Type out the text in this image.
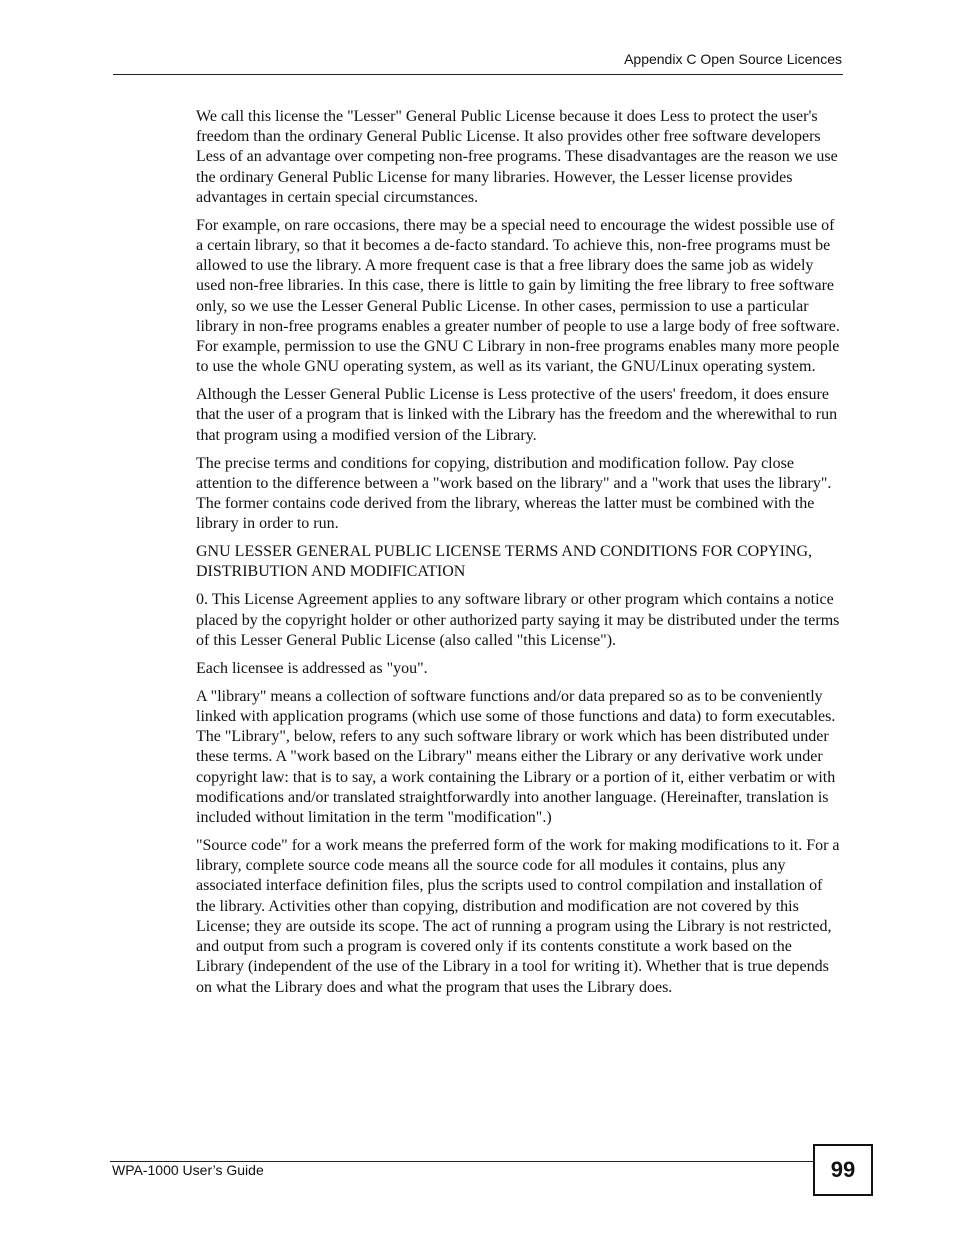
Appendix C Open Source Licences

We call this license the "Lesser" General Public License because it does Less to protect the user's freedom than the ordinary General Public License. It also provides other free software developers Less of an advantage over competing non-free programs. These disadvantages are the reason we use the ordinary General Public License for many libraries. However, the Lesser license provides advantages in certain special circumstances.

For example, on rare occasions, there may be a special need to encourage the widest possible use of a certain library, so that it becomes a de-facto standard. To achieve this, non-free programs must be allowed to use the library. A more frequent case is that a free library does the same job as widely used non-free libraries. In this case, there is little to gain by limiting the free library to free software only, so we use the Lesser General Public License. In other cases, permission to use a particular library in non-free programs enables a greater number of people to use a large body of free software. For example, permission to use the GNU C Library in non-free programs enables many more people to use the whole GNU operating system, as well as its variant, the GNU/Linux operating system.

Although the Lesser General Public License is Less protective of the users' freedom, it does ensure that the user of a program that is linked with the Library has the freedom and the wherewithal to run that program using a modified version of the Library.

The precise terms and conditions for copying, distribution and modification follow. Pay close attention to the difference between a "work based on the library" and a "work that uses the library". The former contains code derived from the library, whereas the latter must be combined with the library in order to run.

GNU LESSER GENERAL PUBLIC LICENSE TERMS AND CONDITIONS FOR COPYING, DISTRIBUTION AND MODIFICATION

0. This License Agreement applies to any software library or other program which contains a notice placed by the copyright holder or other authorized party saying it may be distributed under the terms of this Lesser General Public License (also called "this License").

Each licensee is addressed as "you".

A "library" means a collection of software functions and/or data prepared so as to be conveniently linked with application programs (which use some of those functions and data) to form executables. The "Library", below, refers to any such software library or work which has been distributed under these terms. A "work based on the Library" means either the Library or any derivative work under copyright law: that is to say, a work containing the Library or a portion of it, either verbatim or with modifications and/or translated straightforwardly into another language. (Hereinafter, translation is included without limitation in the term "modification".)

"Source code" for a work means the preferred form of the work for making modifications to it. For a library, complete source code means all the source code for all modules it contains, plus any associated interface definition files, plus the scripts used to control compilation and installation of the library. Activities other than copying, distribution and modification are not covered by this License; they are outside its scope. The act of running a program using the Library is not restricted, and output from such a program is covered only if its contents constitute a work based on the Library (independent of the use of the Library in a tool for writing it). Whether that is true depends on what the Library does and what the program that uses the Library does.

WPA-1000 User’s Guide	99
